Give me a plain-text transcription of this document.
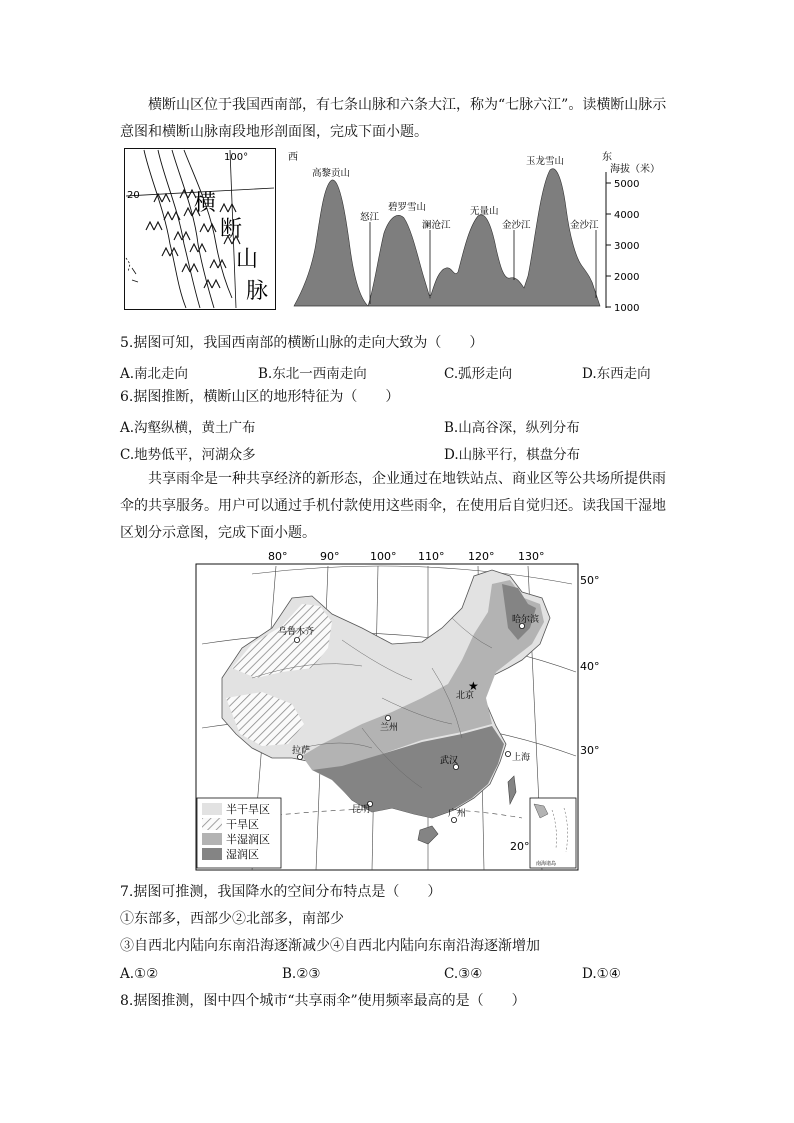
横断山区位于我国西南部，有七条山脉和六条大江，称为“七脉六江”。读横断山脉示
意图和横断山脉南段地形剖面图，完成下面小题。
100°
20 横
断
山
脉
西	东
海拔（米）
5000
4000
3000
2000
1000
高黎贡山
怒江
碧罗雪山
澜沧江
无量山
金沙江
玉龙雪山
金沙江
5.据图可知，我国西南部的横断山脉的走向大致为（　　）
A.南北走向	B.东北一西南走向	C.弧形走向	D.东西走向
6.据图推断，横断山区的地形特征为（　　）
A.沟壑纵横，黄土广布	B.山高谷深，纵列分布
C.地势低平，河湖众多	D.山脉平行，棋盘分布
共享雨伞是一种共享经济的新形态，企业通过在地铁站点、商业区等公共场所提供雨
伞的共享服务。用户可以通过手机付款使用这些雨伞，在使用后自觉归还。读我国干湿地
区划分示意图，完成下面小题。
80°	90°	100° 110° 120° 130°
50°
40°
30°
20°
★
乌鲁木齐
哈尔滨
北京
兰州
拉萨
武汉	上海
昆明	广州
半干旱区
干旱区
半湿润区
湿润区
南海诸岛
7.据图可推测，我国降水的空间分布特点是（　　）
①东部多，西部少②北部多，南部少
③自西北内陆向东南沿海逐渐减少④自西北内陆向东南沿海逐渐增加
A.①②	B.②③	C.③④	D.①④
8.据图推测，图中四个城市“共享雨伞”使用频率最高的是（　　）
